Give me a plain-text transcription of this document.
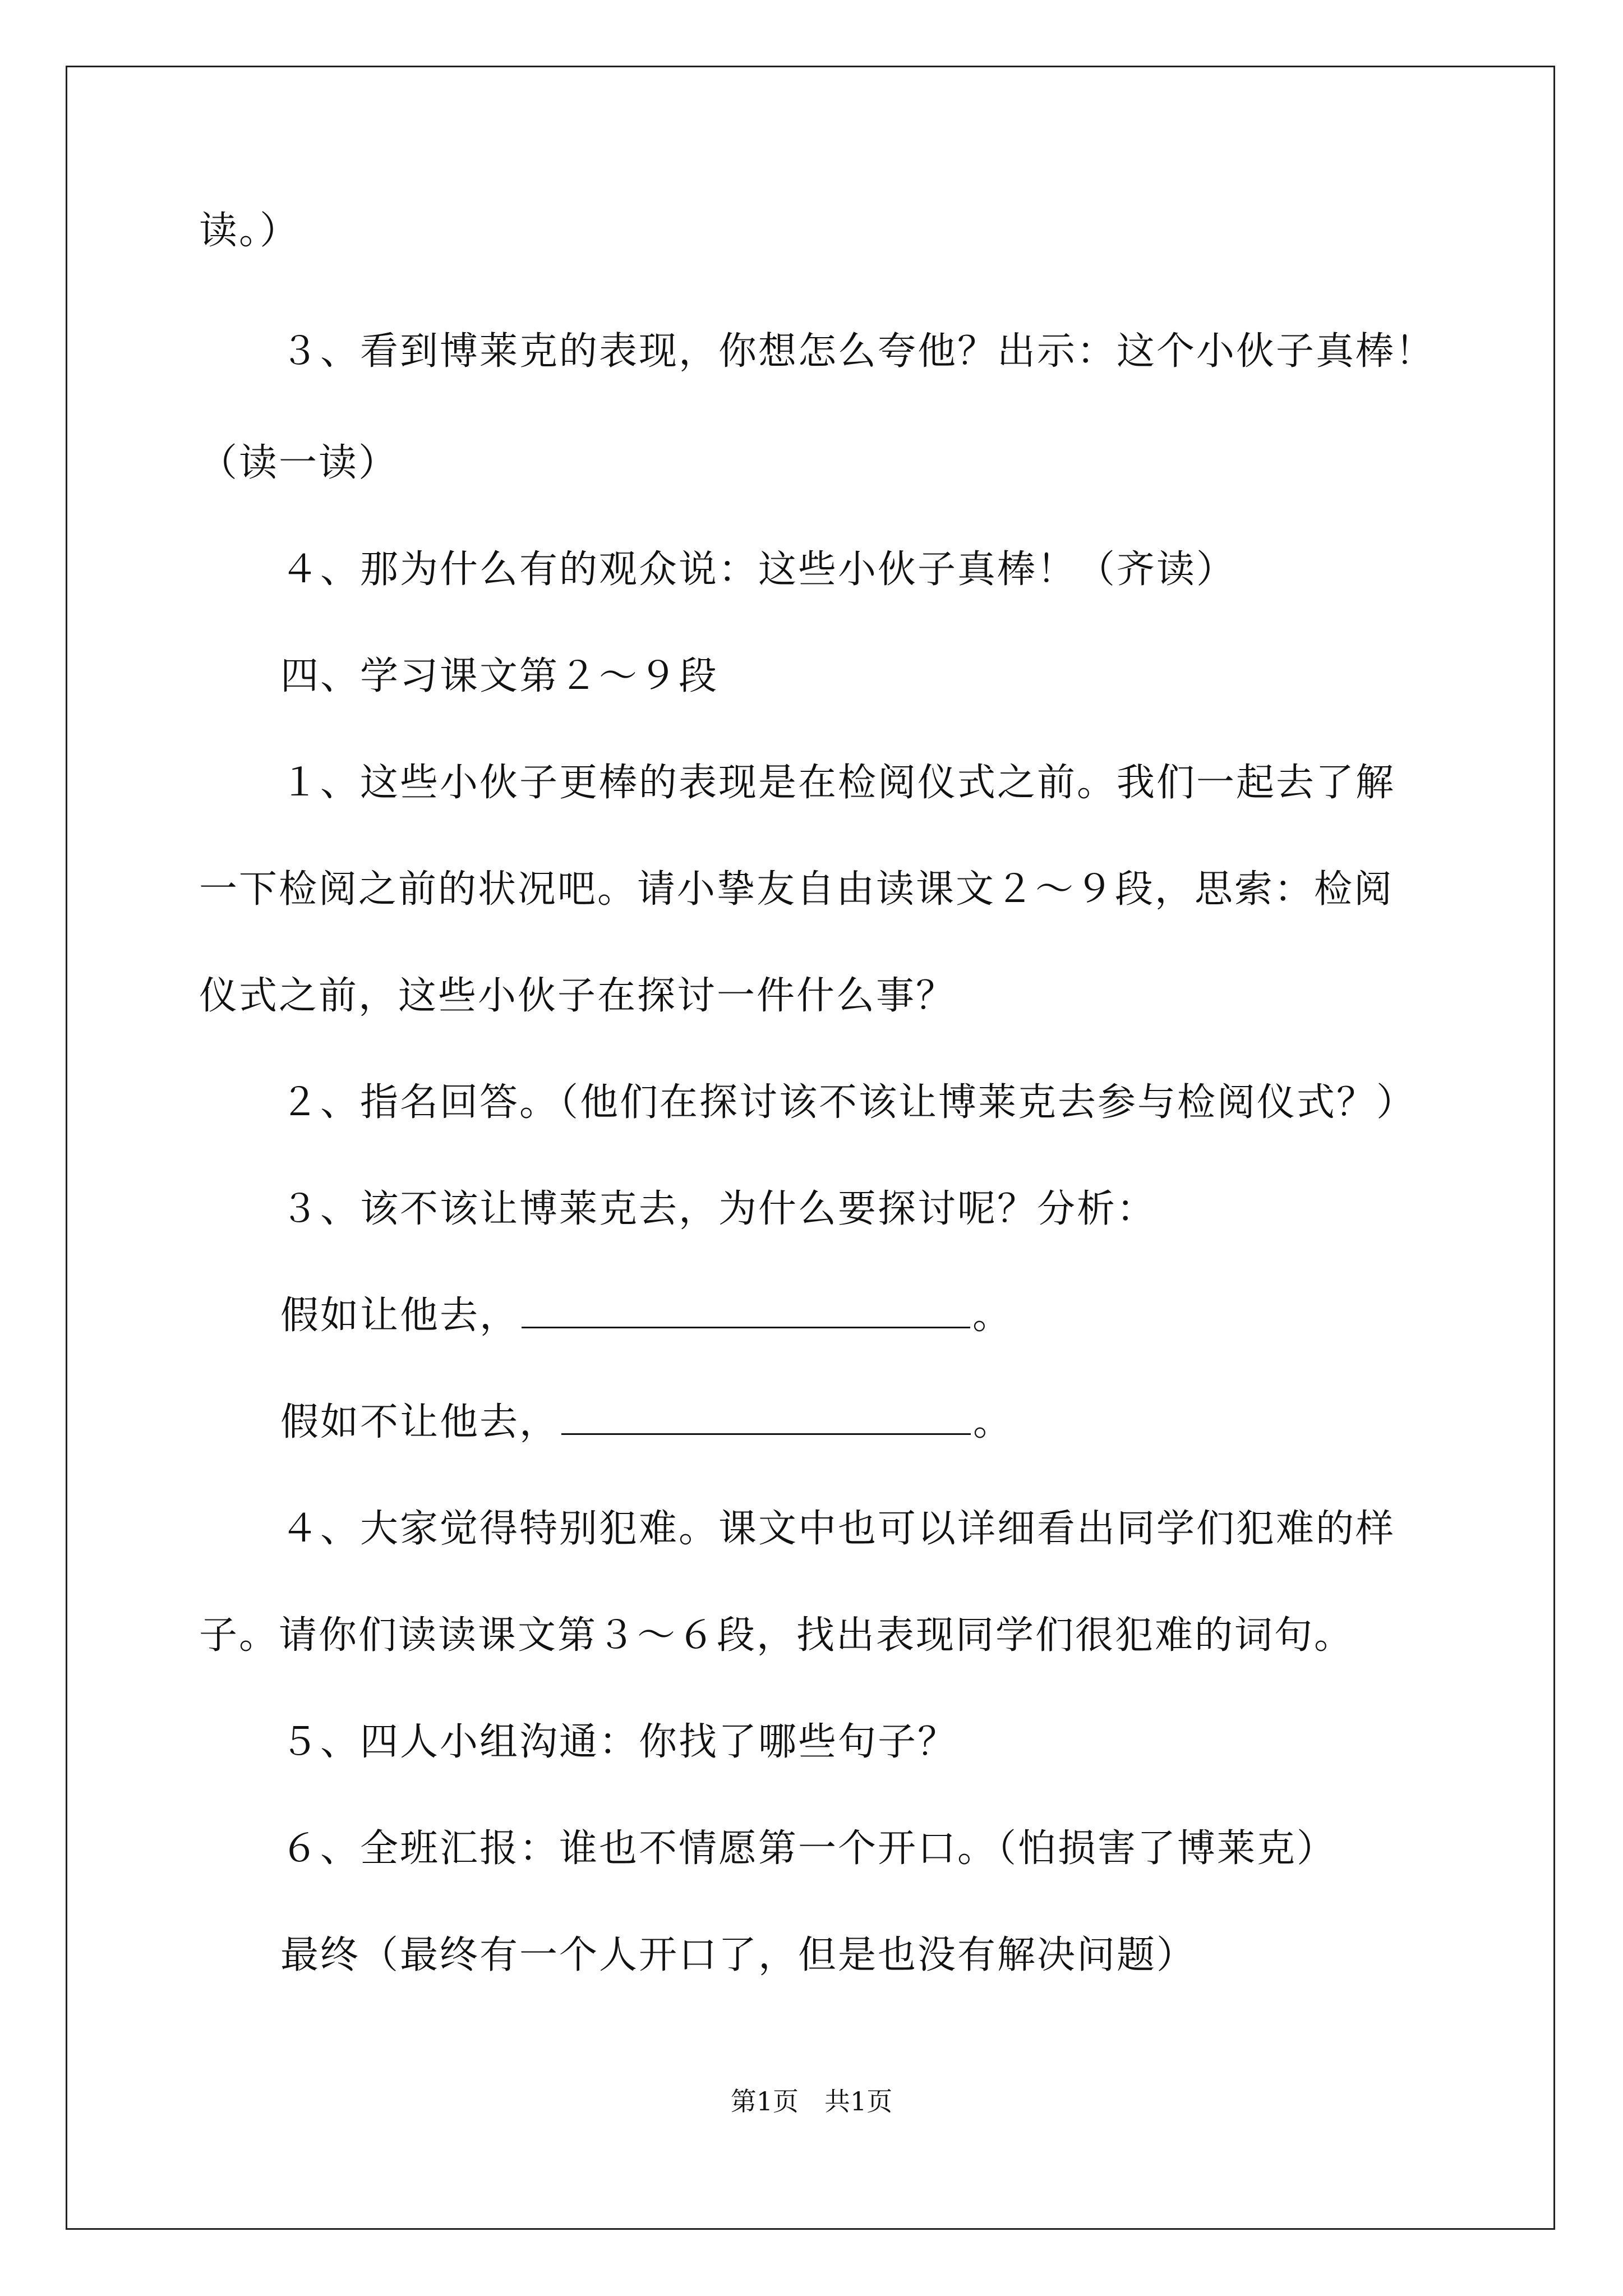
读。）
３、看到博莱克的表现，你想怎么夸他？出示：这个小伙子真棒！
（读一读）
４、那为什么有的观众说：这些小伙子真棒！（齐读）
四、学习课文第２～９段
１、这些小伙子更棒的表现是在检阅仪式之前。我们一起去了解
一下检阅之前的状况吧。请小挚友自由读课文２～９段，思索：检阅
仪式之前，这些小伙子在探讨一件什么事？
２、指名回答。（他们在探讨该不该让博莱克去参与检阅仪式？）
３、该不该让博莱克去，为什么要探讨呢？分析：
假如让他去，	。
假如不让他去，	。
４、大家觉得特别犯难。课文中也可以详细看出同学们犯难的样
子。请你们读读课文第３～６段，找出表现同学们很犯难的词句。
５、四人小组沟通：你找了哪些句子？
６、全班汇报：谁也不情愿第一个开口。（怕损害了博莱克）
最终（最终有一个人开口了，但是也没有解决问题）
第1页　共1页
